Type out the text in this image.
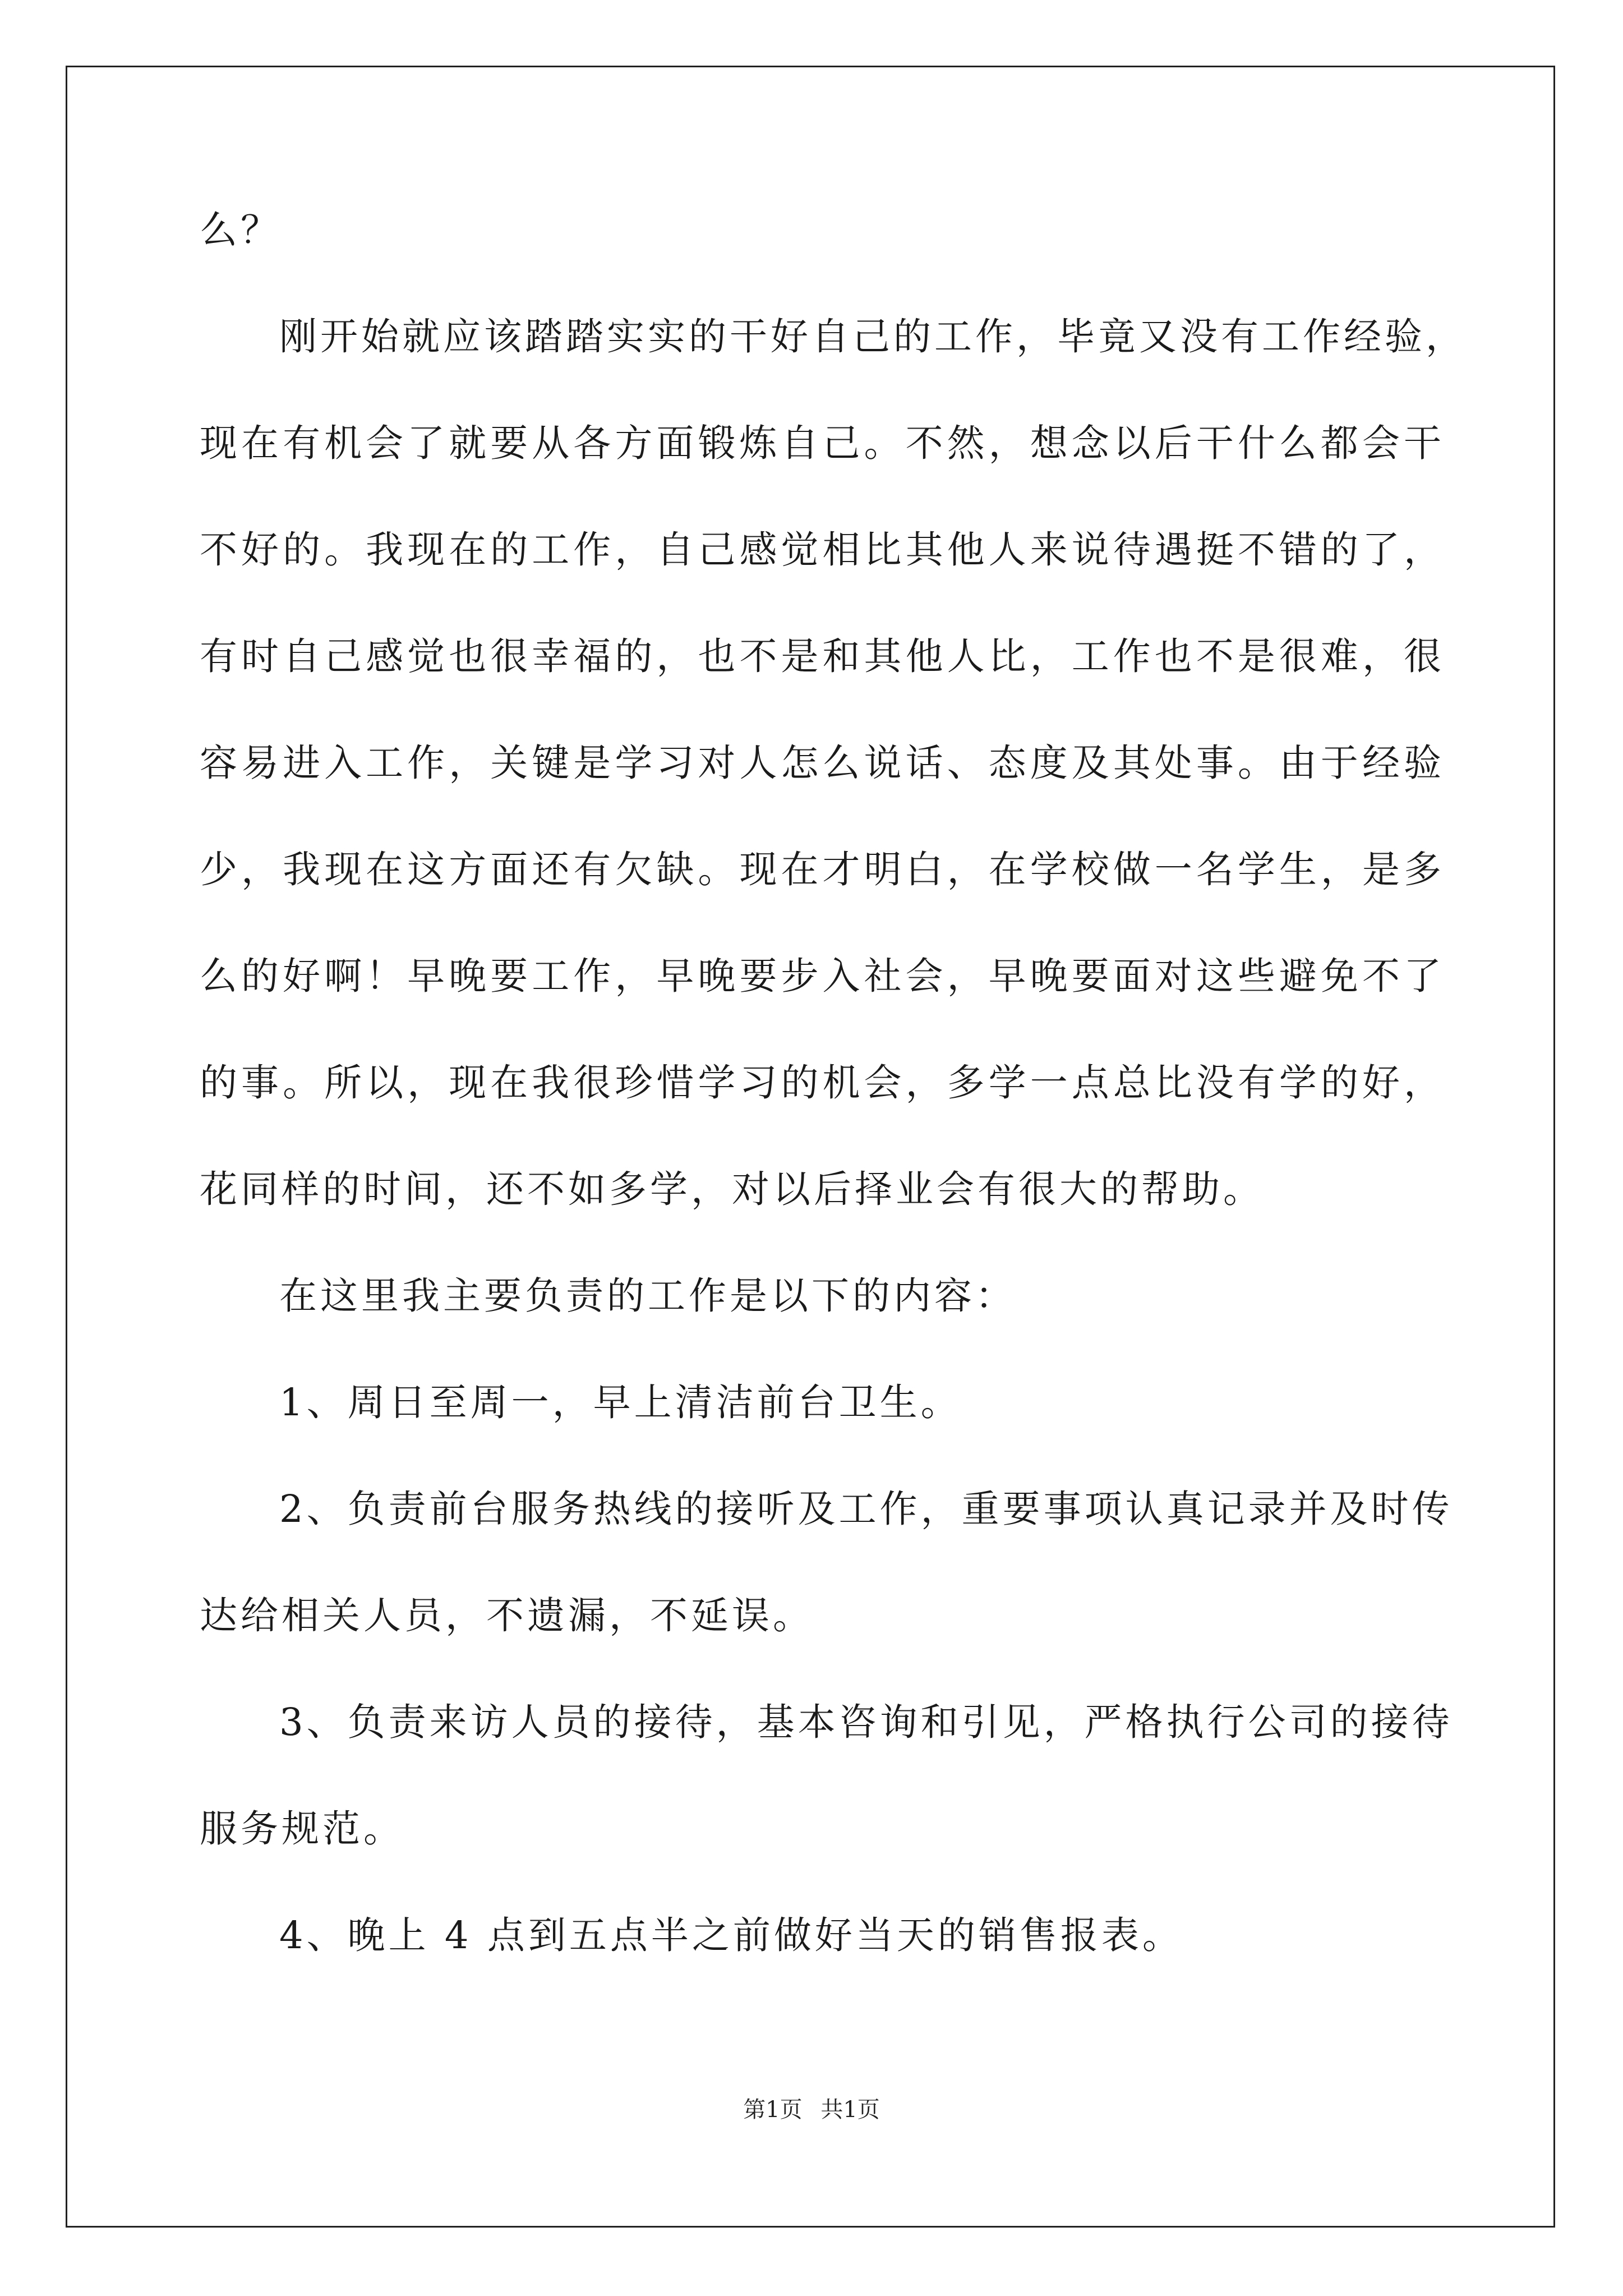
么？
刚开始就应该踏踏实实的干好自己的工作，毕竟又没有工作经验，
现在有机会了就要从各方面锻炼自己。不然，想念以后干什么都会干
不好的。我现在的工作，自己感觉相比其他人来说待遇挺不错的了，
有时自己感觉也很幸福的，也不是和其他人比，工作也不是很难，很
容易进入工作，关键是学习对人怎么说话、态度及其处事。由于经验
少，我现在这方面还有欠缺。现在才明白，在学校做一名学生，是多
么的好啊！早晚要工作，早晚要步入社会，早晚要面对这些避免不了
的事。所以，现在我很珍惜学习的机会，多学一点总比没有学的好，
花同样的时间，还不如多学，对以后择业会有很大的帮助。
在这里我主要负责的工作是以下的内容：
1、周日至周一，早上清洁前台卫生。
2、负责前台服务热线的接听及工作，重要事项认真记录并及时传
达给相关人员，不遗漏，不延误。
3、负责来访人员的接待，基本咨询和引见，严格执行公司的接待
服务规范。
4、晚上 4 点到五点半之前做好当天的销售报表。
第1页 共1页
